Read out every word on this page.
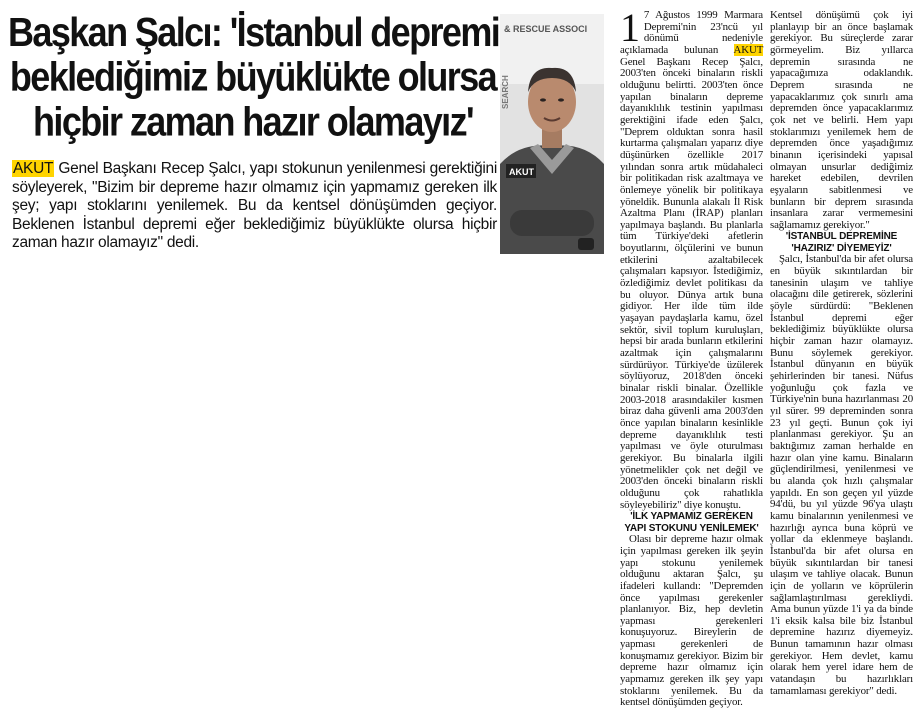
Başkan Şalcı: 'İstanbul depremi
beklediğimiz büyüklükte olursa
hiçbir zaman hazır olamayız'
& RESCUE ASSOCI
SEARCH
AKUT
AKUT Genel Başkanı Recep Şalcı, yapı stokunun yenilenmesi gerektiğini söyleyerek, "Bizim bir depreme hazır olmamız için yapmamız gereken ilk şey; yapı stoklarını yenilemek. Bu da kentsel dönüşümden geçiyor. Beklenen İstanbul depremi eğer beklediğimiz büyüklükte olursa hiçbir zaman hazır olamayız" dedi.

1 7 Ağustos 1999 Marmara Depremi'nin 23'ncü yıl dönümü nedeniyle açıklamada bulunan AKUT Genel Başkanı Recep Şalcı, 2003'ten önceki binaların riskli olduğunu belirtti. 2003'ten önce yapılan binaların depreme dayanıklılık testinin yapılması gerektiğini ifade eden Şalcı, "Deprem olduktan sonra hasil kurtarma çalışmaları yaparız diye düşünürken özellikle 2017 yılından sonra artık müdahaleci bir politikadan risk azaltmaya ve önlemeye yönelik bir politikaya yöneldik. Bununla alakalı İl Risk Azaltma Planı (İRAP) planları yapılmaya başlandı. Bu planlarla tüm Türkiye'deki afetlerin boyutlarını, ölçülerini ve bunun etkilerini azaltabilecek çalışmaları kapsıyor. İstediğimiz, özlediğimiz devlet politikası da bu oluyor. Dünya artık buna gidiyor. Her ilde tüm ilde yaşayan paydaşlarla kamu, özel sektör, sivil toplum kuruluşları, hepsi bir arada bunların etkilerini azaltmak için çalışmalarını sürdürüyor. Türkiye'de üzülerek söylüyoruz, 2018'den önceki binalar riskli binalar. Özellikle 2003-2018 arasındakiler kısmen biraz daha güvenli ama 2003'den önce yapılan binaların kesinlikle depreme dayanıklılık testi yapılması ve öyle oturulması gerekiyor. Bu binalarla ilgili yönetmelikler çok net değil ve 2003'den önceki binaların riskli olduğunu çok rahatlıkla söyleyebiliriz" diye konuştu.

'İLK YAPMAMIZ GEREKEN YAPI STOKUNU YENİLEMEK'

Olası bir depreme hazır olmak için yapılması gereken ilk şeyin yapı stokunu yenilemek olduğunu aktaran Şalcı, şu ifadeleri kullandı: "Depremden önce yapılması gerekenler planlanıyor. Biz, hep devletin yapması gerekenleri konuşuyoruz. Bireylerin de yapması gerekenleri de konuşmamız gerekiyor. Bizim bir depreme hazır olmamız için yapmamız gereken ilk şey yapı stoklarını yenilemek. Bu da kentsel dönüşümden geçiyor.

Kentsel dönüşümü çok iyi planlayıp bir an önce başlamak gerekiyor. Bu süreçlerde zarar görmeyelim. Biz yıllarca depremin sırasında ne yapacağımıza odaklandık. Deprem sırasında ne yapacaklarımız çok sınırlı ama depremden önce yapacaklarımız çok net ve belirli. Hem yapı stoklarımızı yenilemek hem de depremden önce yaşadığımız binanın içerisindeki yapısal olmayan unsurlar dediğimiz hareket edebilen, devrilen eşyaların sabitlenmesi ve bunların bir deprem sırasında insanlara zarar vermemesini sağlamamız gerekiyor."

'İSTANBUL DEPREMİNE 'HAZIRIZ' DİYEMEYİZ'

Şalcı, İstanbul'da bir afet olursa en büyük sıkıntılardan bir tanesinin ulaşım ve tahliye olacağını dile getirerek, sözlerini şöyle sürdürdü: "Beklenen İstanbul depremi eğer beklediğimiz büyüklükte olursa hiçbir zaman hazır olamayız. Bunu söylemek gerekiyor. İstanbul dünyanın en büyük şehirlerinden bir tanesi. Nüfus yoğunluğu çok fazla ve Türkiye'nin buna hazırlanması 20 yıl sürer. 99 depreminden sonra 23 yıl geçti. Bunun çok iyi planlanması gerekiyor. Şu an baktığımız zaman herhalde en hazır olan yine kamu. Binaların güçlendirilmesi, yenilenmesi ve bu alanda çok hızlı çalışmalar yapıldı. En son geçen yıl yüzde 94'dü, bu yıl yüzde 96'ya ulaştı kamu binalarının yenilenmesi ve hazırlığı ayrıca buna köprü ve yollar da eklenmeye başlandı. İstanbul'da bir afet olursa en büyük sıkıntılardan bir tanesi ulaşım ve tahliye olacak. Bunun için de yolların ve köprülerin sağlamlaştırılması gerekliydi. Ama bunun yüzde 1'i ya da binde 1'i eksik kalsa bile biz İstanbul depremine hazırız diyemeyiz. Bunun tamamının hazır olması gerekiyor. Hem devlet, kamu olarak hem yerel idare hem de vatandaşın bu hazırlıkları tamamlaması gerekiyor" dedi.
